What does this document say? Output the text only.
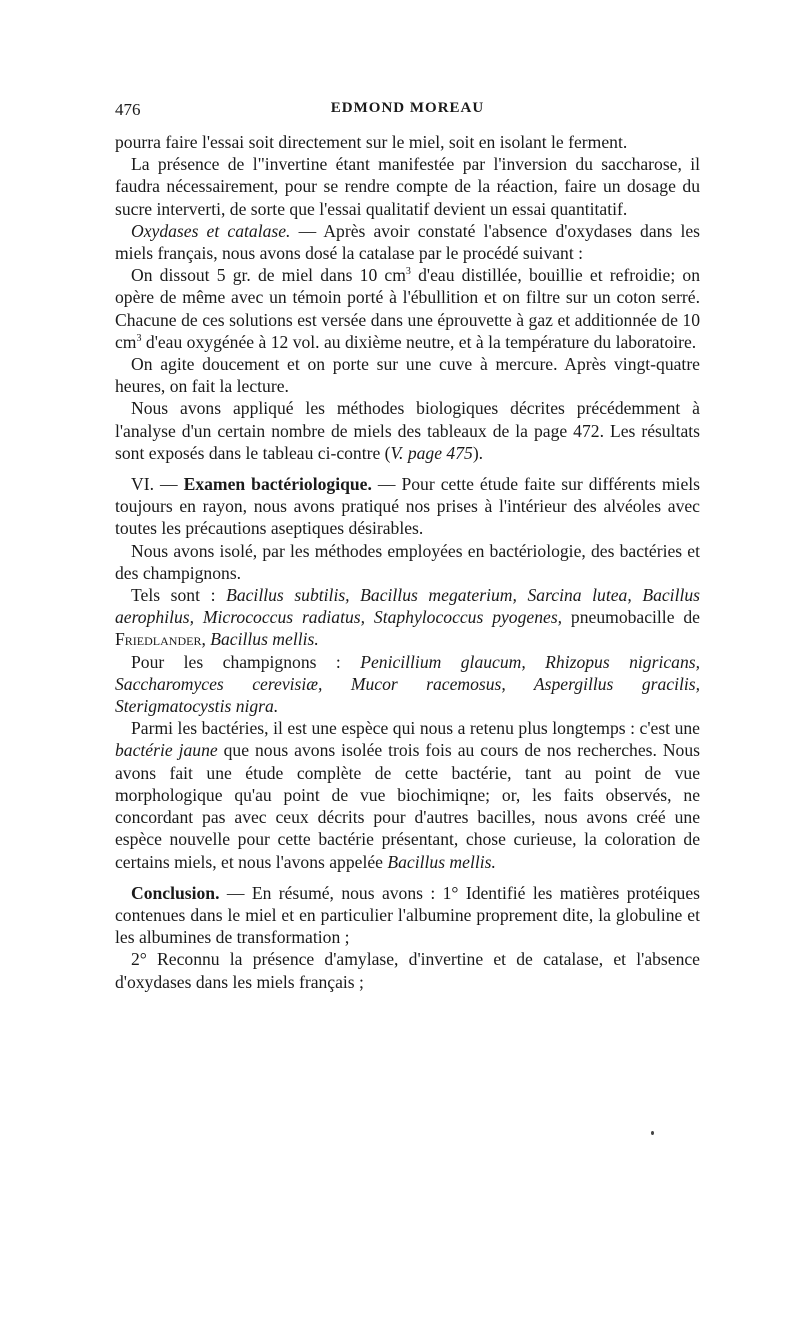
476	EDMOND MOREAU

pourra faire l'essai soit directement sur le miel, soit en isolant le ferment.

La présence de l"invertine étant manifestée par l'inversion du saccharose, il faudra nécessairement, pour se rendre compte de la réaction, faire un dosage du sucre interverti, de sorte que l'essai qualitatif devient un essai quantitatif.

Oxydases et catalase. — Après avoir constaté l'absence d'oxydases dans les miels français, nous avons dosé la catalase par le procédé suivant :

On dissout 5 gr. de miel dans 10 $cm^3$ d'eau distillée, bouillie et refroidie; on opère de même avec un témoin porté à l'ébullition et on filtre sur un coton serré. Chacune de ces solutions est versée dans une éprouvette à gaz et additionnée de 10 $cm^3$ d'eau oxygénée à 12 vol. au dixième neutre, et à la température du laboratoire.

On agite doucement et on porte sur une cuve à mercure. Après vingt-quatre heures, on fait la lecture.

Nous avons appliqué les méthodes biologiques décrites précédemment à l'analyse d'un certain nombre de miels des tableaux de la page 472. Les résultats sont exposés dans le tableau ci-contre (V. page 475).

VI. — Examen bactériologique. — Pour cette étude faite sur différents miels toujours en rayon, nous avons pratiqué nos prises à l'intérieur des alvéoles avec toutes les précautions aseptiques désirables.

Nous avons isolé, par les méthodes employées en bactériologie, des bactéries et des champignons.

Tels sont : Bacillus subtilis, Bacillus megaterium, Sarcina lutea, Bacillus aerophilus, Micrococcus radiatus, Staphylococcus pyogenes, pneumobacille de Friedlander, Bacillus mellis.

Pour les champignons : Penicillium glaucum, Rhizopus nigricans, Saccharomyces cerevisiæ, Mucor racemosus, Aspergillus gracilis, Sterigmatocystis nigra.

Parmi les bactéries, il est une espèce qui nous a retenu plus longtemps : c'est une bactérie jaune que nous avons isolée trois fois au cours de nos recherches. Nous avons fait une étude complète de cette bactérie, tant au point de vue morphologique qu'au point de vue biochimiqne; or, les faits observés, ne concordant pas avec ceux décrits pour d'autres bacilles, nous avons créé une espèce nouvelle pour cette bactérie présentant, chose curieuse, la coloration de certains miels, et nous l'avons appelée Bacillus mellis.

Conclusion. — En résumé, nous avons : 1° Identifié les matières protéiques contenues dans le miel et en particulier l'albumine proprement dite, la globuline et les albumines de transformation ;

2° Reconnu la présence d'amylase, d'invertine et de catalase, et l'absence d'oxydases dans les miels français ;
